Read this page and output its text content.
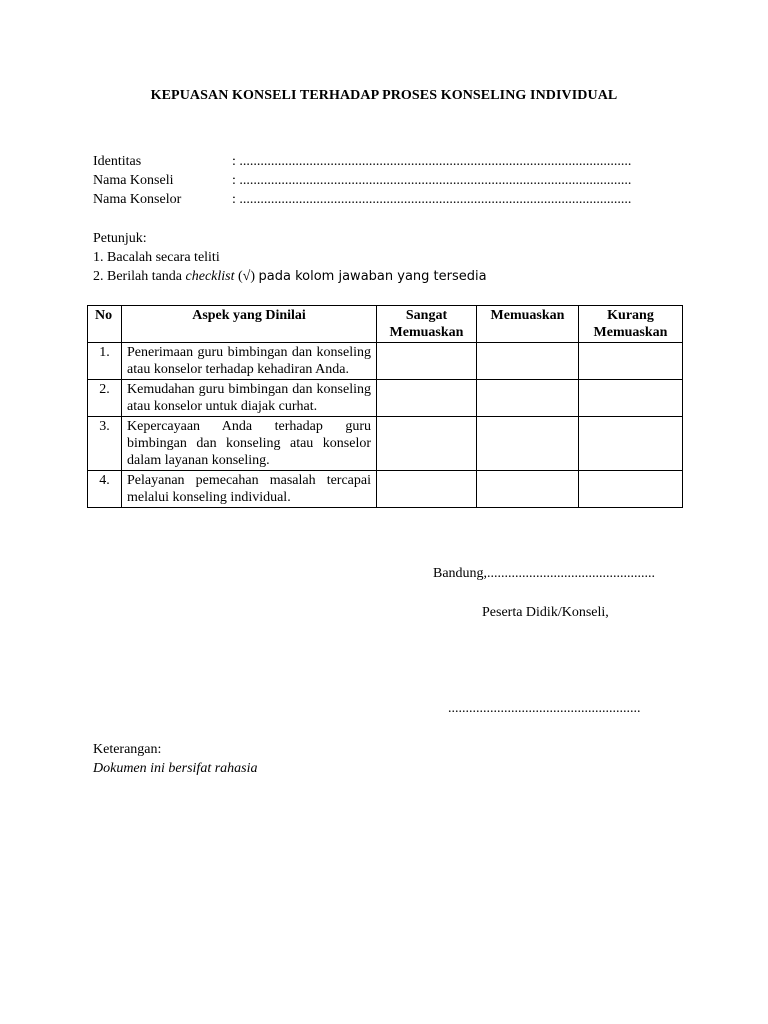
KEPUASAN KONSELI TERHADAP PROSES KONSELING INDIVIDUAL
Identitas	: ................................................................................................................
Nama Konseli	: ................................................................................................................
Nama Konselor	: ................................................................................................................
Petunjuk:
1. Bacalah secara teliti
2. Berilah tanda checklist (√) pada kolom jawaban yang tersedia
No	Aspek yang Dinilai	Sangat Memuaskan	Memuaskan	Kurang Memuaskan
1.	Penerimaan guru bimbingan dan konseling atau konselor terhadap kehadiran Anda.			
2.	Kemudahan guru bimbingan dan konseling atau konselor untuk diajak curhat.			
3.	Kepercayaan Anda terhadap guru bimbingan dan konseling atau konselor dalam layanan konseling.			
4.	Pelayanan pemecahan masalah tercapai melalui konseling individual.			
Bandung,................................................
Peserta Didik/Konseli,
.......................................................
Keterangan:
Dokumen ini bersifat rahasia
